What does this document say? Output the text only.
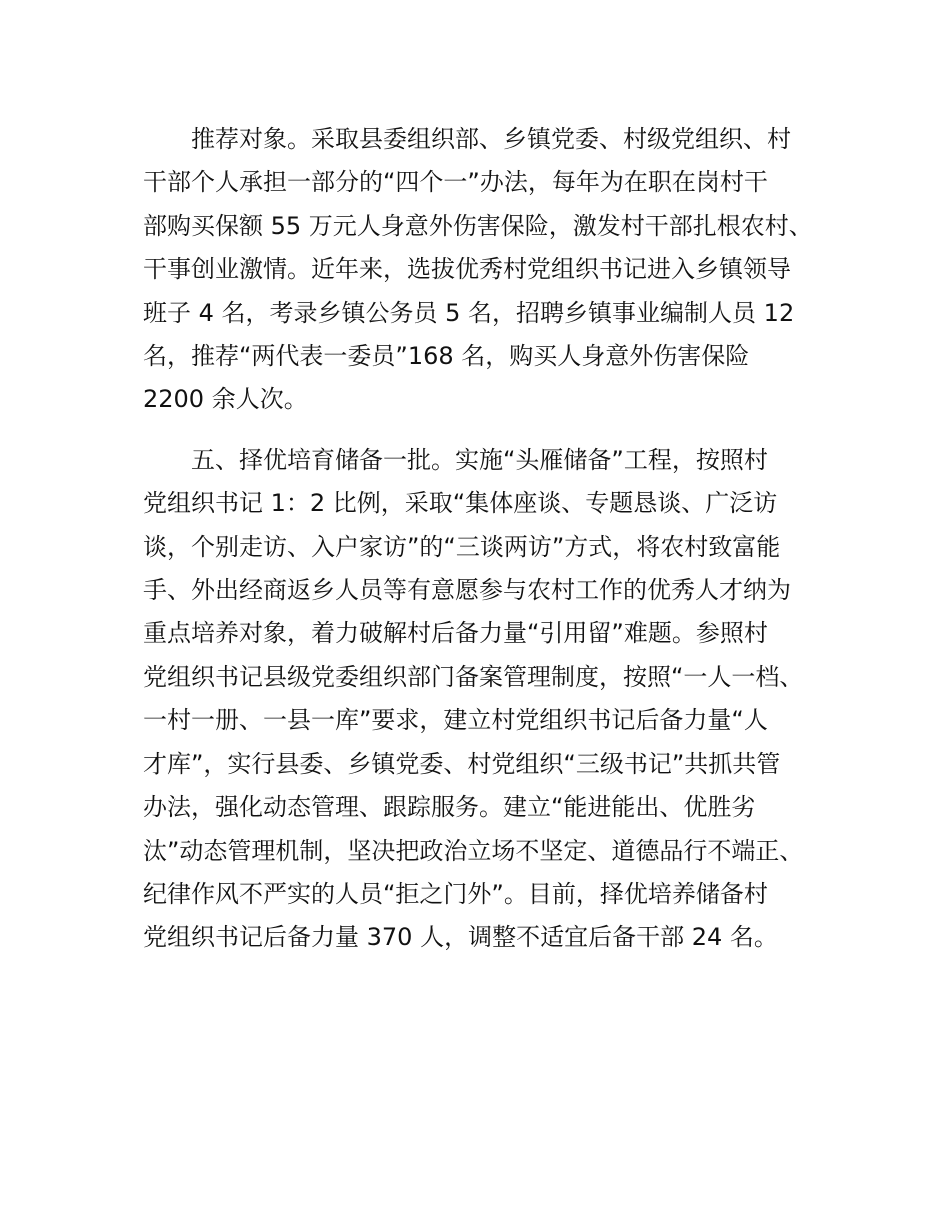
推荐对象。采取县委组织部、乡镇党委、村级党组织、村
干部个人承担一部分的“四个一”办法，每年为在职在岗村干
部购买保额 55 万元人身意外伤害保险，激发村干部扎根农村、
干事创业激情。近年来，选拔优秀村党组织书记进入乡镇领导
班子 4 名，考录乡镇公务员 5 名，招聘乡镇事业编制人员 12
名，推荐“两代表一委员”168 名，购买人身意外伤害保险
2200 余人次。

五、择优培育储备一批。实施“头雁储备”工程，按照村
党组织书记 1：2 比例，采取“集体座谈、专题恳谈、广泛访
谈，个别走访、入户家访”的“三谈两访”方式，将农村致富能
手、外出经商返乡人员等有意愿参与农村工作的优秀人才纳为
重点培养对象，着力破解村后备力量“引用留”难题。参照村
党组织书记县级党委组织部门备案管理制度，按照“一人一档、
一村一册、一县一库”要求，建立村党组织书记后备力量“人
才库”，实行县委、乡镇党委、村党组织“三级书记”共抓共管
办法，强化动态管理、跟踪服务。建立“能进能出、优胜劣
汰”动态管理机制，坚决把政治立场不坚定、道德品行不端正、
纪律作风不严实的人员“拒之门外”。目前，择优培养储备村
党组织书记后备力量 370 人，调整不适宜后备干部 24 名。
